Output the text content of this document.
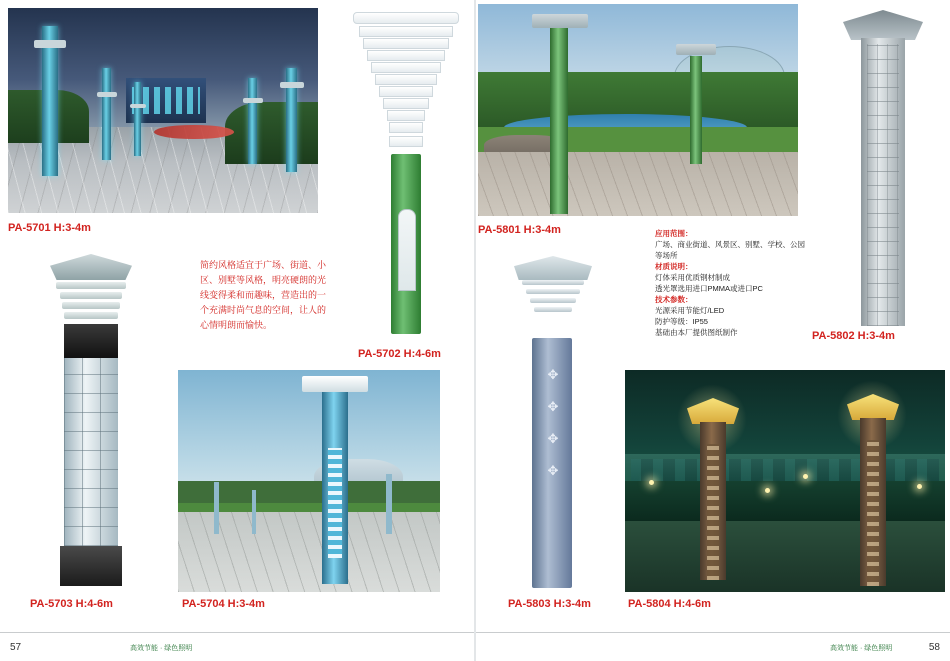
PA-5701 H:3-4m
PA-5702 H:4-6m
PA-5801 H:3-4m
PA-5802 H:3-4m
PA-5703 H:4-6m	PA-5704 H:3-4m
✥
✥
✥
✥
PA-5803 H:3-4m	PA-5804 H:4-6m
简约风格适宜于广场、街道、小区、别墅等风格，明亮硬朗的光线变得柔和而趣味，营造出的一个充满时尚气息的空间，让人的心情明朗而愉快。
应用范围：
广场、商业街道、风景区、别墅、学校、公园等场所
材质说明：
灯体采用优质钢材制成
透光罩选用进口PMMA或进口PC
技术参数：
光源采用节能灯/LED
防护等级：IP55
基础由本厂提供图纸制作
57	58
高效节能 · 绿色照明
高效节能 · 绿色照明
